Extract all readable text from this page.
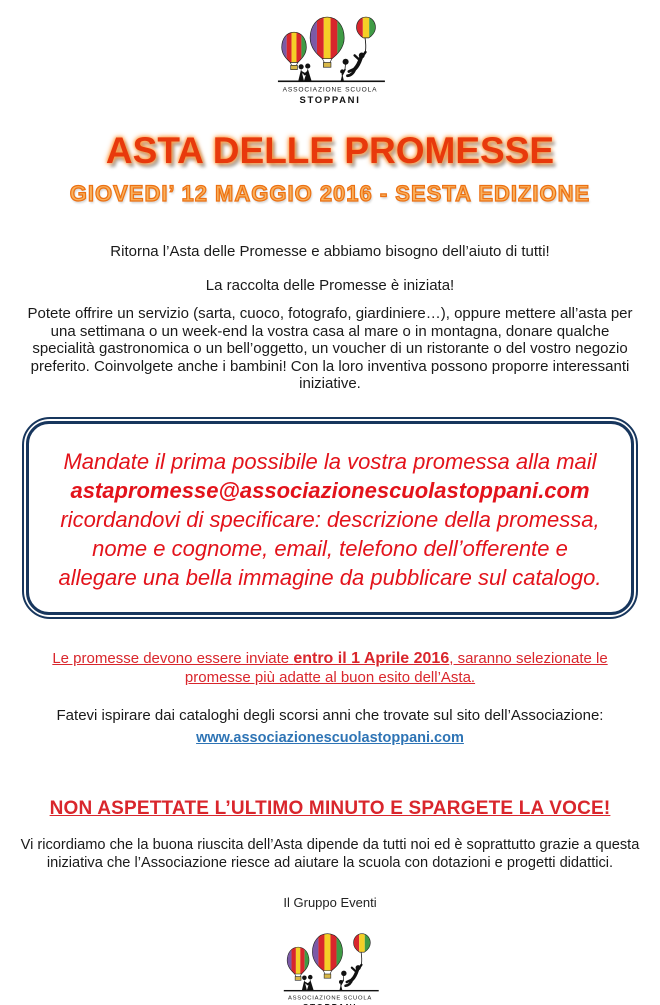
ASTA DELLE PROMESSE
GIOVEDI’ 12 MAGGIO 2016 - SESTA EDIZIONE

Ritorna l’Asta delle Promesse e abbiamo bisogno dell’aiuto di tutti!

La raccolta delle Promesse è iniziata!

Potete offrire un servizio (sarta, cuoco, fotografo, giardiniere…), oppure mettere all’asta per una settimana o un week-end la vostra casa al mare o in montagna, donare qualche specialità gastronomica o un bell’oggetto, un voucher di un ristorante o del vostro negozio preferito. Coinvolgete anche i bambini! Con la loro inventiva possono proporre interessanti iniziative.

Mandate il prima possibile la vostra promessa alla mail

astapromesse@associazionescuolastoppani.com

ricordandovi di specificare: descrizione della promessa, nome e cognome, email, telefono dell’offerente e allegare una bella immagine da pubblicare sul catalogo.

Le promesse devono essere inviate entro il 1 Aprile 2016, saranno selezionate le promesse più adatte al buon esito dell’Asta.

Fatevi ispirare dai cataloghi degli scorsi anni che trovate sul sito dell’Associazione:

www.associazionescuolastoppani.com

NON ASPETTATE L’ULTIMO MINUTO E SPARGETE LA VOCE!

Vi ricordiamo che la buona riuscita dell’Asta dipende da tutti noi ed è soprattutto grazie a questa iniziativa che l’Associazione riesce ad aiutare la scuola con dotazioni e progetti didattici.

Il Gruppo Eventi
